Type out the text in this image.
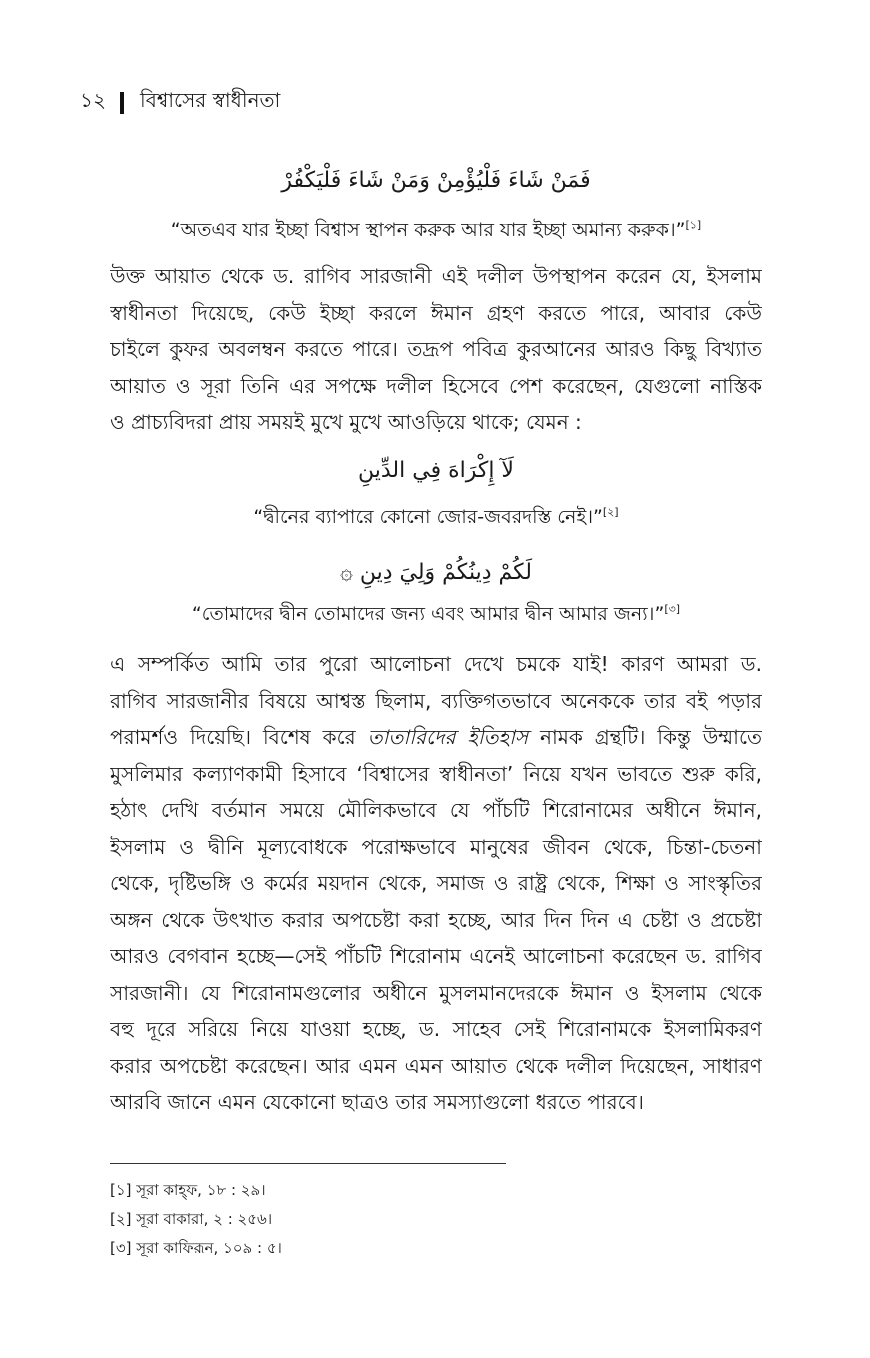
১২ বিশ্বাসের স্বাধীনতা
فَمَنْ شَاءَ فَلْيُؤْمِنْ وَمَنْ شَاءَ فَلْيَكْفُرْ
“অতএব যার ইচ্ছা বিশ্বাস স্থাপন করুক আর যার ইচ্ছা অমান্য করুক।”[১]
উক্ত আয়াত থেকে ড. রাগিব সারজানী এই দলীল উপস্থাপন করেন যে, ইসলাম
স্বাধীনতা দিয়েছে, কেউ ইচ্ছা করলে ঈমান গ্রহণ করতে পারে, আবার কেউ
চাইলে কুফর অবলম্বন করতে পারে। তদ্রূপ পবিত্র কুরআনের আরও কিছু বিখ্যাত
আয়াত ও সূরা তিনি এর সপক্ষে দলীল হিসেবে পেশ করেছেন, যেগুলো নাস্তিক
ও প্রাচ্যবিদরা প্রায় সময়ই মুখে মুখে আওড়িয়ে থাকে; যেমন :
لَآ إِكْرَاهَ فِي الدِّينِ
“দ্বীনের ব্যাপারে কোনো জোর-জবরদস্তি নেই।”[২]
لَكُمْ دِينُكُمْ وَلِيَ دِينِ ۞
“তোমাদের দ্বীন তোমাদের জন্য এবং আমার দ্বীন আমার জন্য।”[৩]
এ সম্পর্কিত আমি তার পুরো আলোচনা দেখে চমকে যাই! কারণ আমরা ড.
রাগিব সারজানীর বিষয়ে আশ্বস্ত ছিলাম, ব্যক্তিগতভাবে অনেককে তার বই পড়ার
পরামর্শও দিয়েছি। বিশেষ করে তাতারিদের ইতিহাস নামক গ্রন্থটি। কিন্তু উম্মাতে
মুসলিমার কল্যাণকামী হিসাবে ‘বিশ্বাসের স্বাধীনতা’ নিয়ে যখন ভাবতে শুরু করি,
হঠাৎ দেখি বর্তমান সময়ে মৌলিকভাবে যে পাঁচটি শিরোনামের অধীনে ঈমান,
ইসলাম ও দ্বীনি মূল্যবোধকে পরোক্ষভাবে মানুষের জীবন থেকে, চিন্তা-চেতনা
থেকে, দৃষ্টিভঙ্গি ও কর্মের ময়দান থেকে, সমাজ ও রাষ্ট্র থেকে, শিক্ষা ও সাংস্কৃতির
অঙ্গন থেকে উৎখাত করার অপচেষ্টা করা হচ্ছে, আর দিন দিন এ চেষ্টা ও প্রচেষ্টা
আরও বেগবান হচ্ছে—সেই পাঁচটি শিরোনাম এনেই আলোচনা করেছেন ড. রাগিব
সারজানী। যে শিরোনামগুলোর অধীনে মুসলমানদেরকে ঈমান ও ইসলাম থেকে
বহু দূরে সরিয়ে নিয়ে যাওয়া হচ্ছে, ড. সাহেব সেই শিরোনামকে ইসলামিকরণ
করার অপচেষ্টা করেছেন। আর এমন এমন আয়াত থেকে দলীল দিয়েছেন, সাধারণ
আরবি জানে এমন যেকোনো ছাত্রও তার সমস্যাগুলো ধরতে পারবে।
[১] সূরা কাহ্‌ফ, ১৮ : ২৯।
[২] সূরা বাকারা, ২ : ২৫৬।
[৩] সূরা কাফিরূন, ১০৯ : ৫।
